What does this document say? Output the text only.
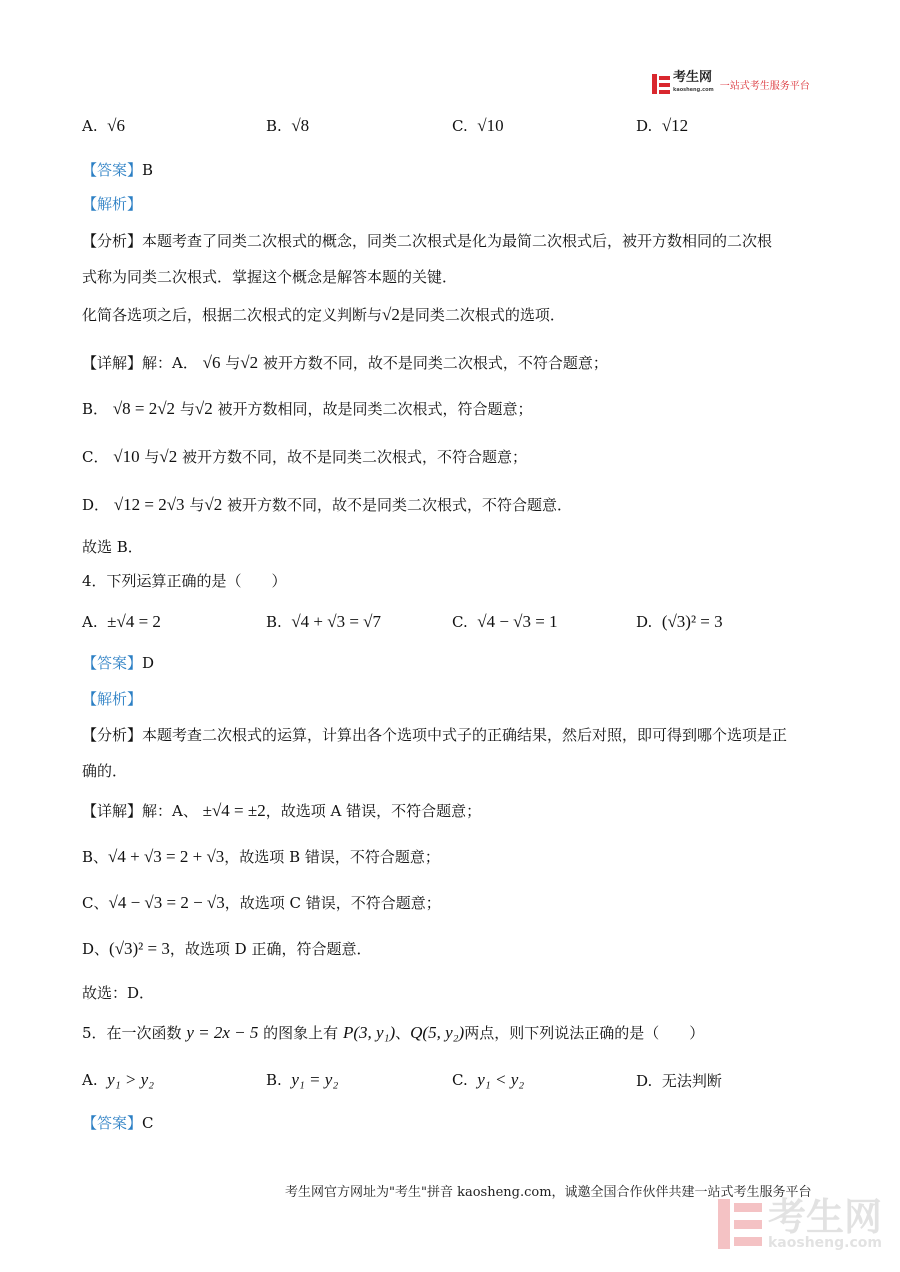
考生网
kaosheng.com 一站式考生服务平台
A. √6	B. √8	C. √10	D. √12
【答案】B
【解析】
【分析】本题考查了同类二次根式的概念，同类二次根式是化为最简二次根式后，被开方数相同的二次根
式称为同类二次根式．掌握这个概念是解答本题的关键．
化简各选项之后，根据二次根式的定义判断与√2是同类二次根式的选项．
【详解】解：A． √6 与√2 被开方数不同，故不是同类二次根式，不符合题意；
B． √8 = 2√2 与√2 被开方数相同，故是同类二次根式，符合题意；
C． √10 与√2 被开方数不同，故不是同类二次根式，不符合题意；
D． √12 = 2√3 与√2 被开方数不同，故不是同类二次根式，不符合题意．
故选 B．
4．下列运算正确的是（　　）
A. ±√4 = 2	B. √4 + √3 = √7	C. √4 − √3 = 1	D. (√3)² = 3
【答案】D
【解析】
【分析】本题考查二次根式的运算，计算出各个选项中式子的正确结果，然后对照，即可得到哪个选项是正
确的．
【详解】解：A、 ±√4 = ±2，故选项 A 错误，不符合题意；
B、√4 + √3 = 2 + √3，故选项 B 错误，不符合题意；
C、√4 − √3 = 2 − √3，故选项 C 错误，不符合题意；
D、(√3)² = 3，故选项 D 正确，符合题意．
故选：D．
5．在一次函数 y = 2x − 5 的图象上有 P(3, y₁)、Q(5, y₂)两点，则下列说法正确的是（　　）
A. y₁ > y₂	B. y₁ = y₂	C. y₁ < y₂	D. 无法判断
【答案】C
考生网官方网址为"考生"拼音 kaosheng.com，诚邀全国合作伙伴共建一站式考生服务平台
考生网
kaosheng.com
